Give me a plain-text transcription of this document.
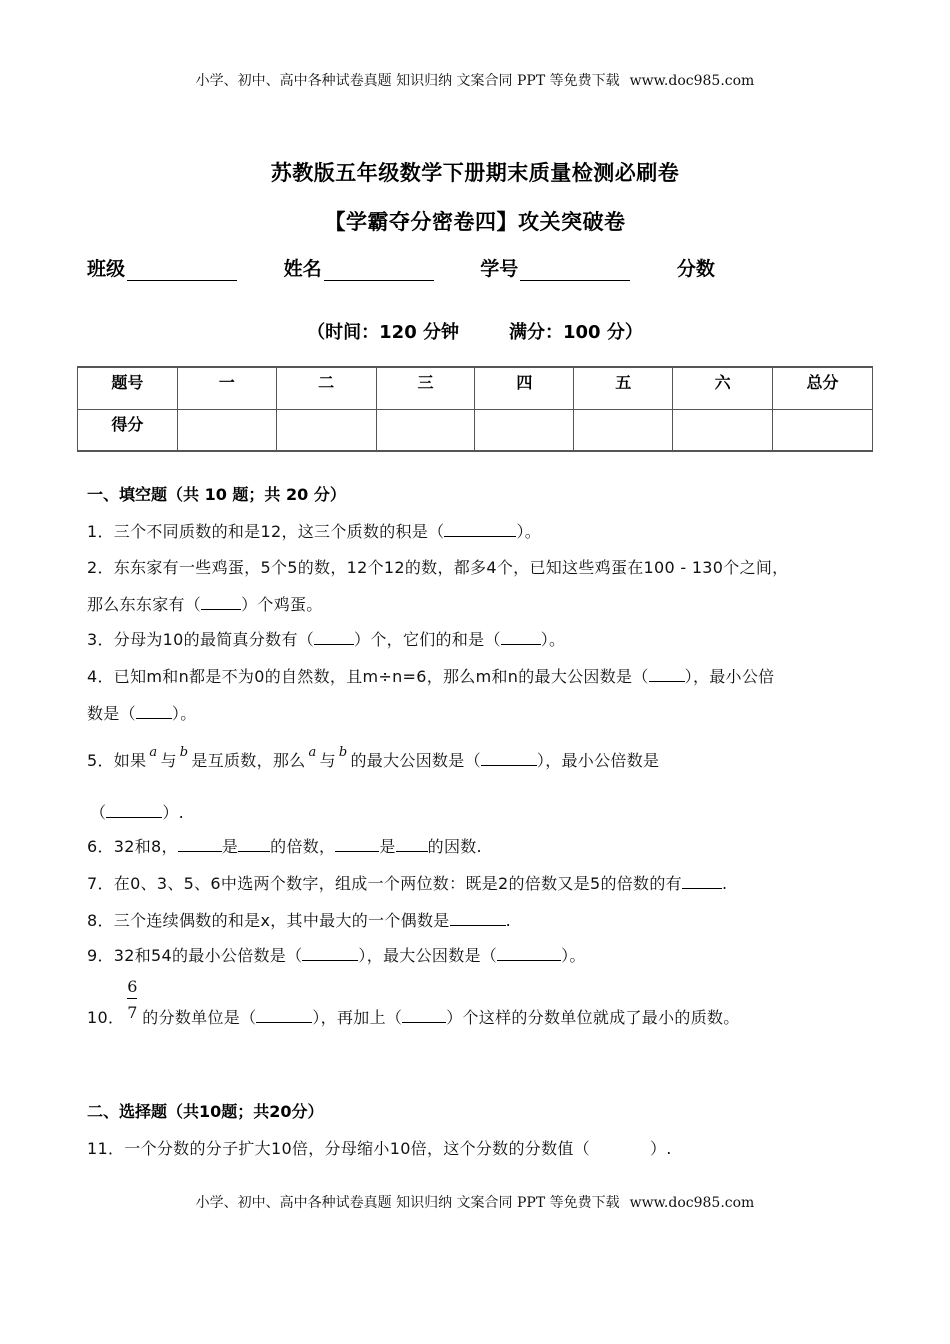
小学、初中、高中各种试卷真题 知识归纳 文案合同 PPT 等免费下载 www.doc985.com
苏教版五年级数学下册期末质量检测必刷卷
【学霸夺分密卷四】攻关突破卷
班级	姓名	学号	分数
（时间：120 分钟	满分：100 分）
题号	一	二	三	四	五	六	总分
得分							
一、填空题（共 10 题；共 20 分）
1．三个不同质数的和是12，这三个质数的积是（	）。
2．东东家有一些鸡蛋，5个5的数，12个12的数，都多4个，已知这些鸡蛋在100 - 130个之间，
那么东东家有（	）个鸡蛋。
3．分母为10的最简真分数有（	）个，它们的和是（	）。
4．已知m和n都是不为0的自然数，且m÷n=6，那么m和n的最大公因数是（ ），最小公倍
数是（ ）。
5．如果 $^a$ 与 $^b$ 是互质数，那么 $^a$ 与 $^b$ 的最大公因数是（	），最小公倍数是
（	）.
6．32和8，	是 的倍数，	是 的因数.
7．在0、3、5、6中选两个数字，组成一个两位数：既是2的倍数又是5的倍数的有	.
8．三个连续偶数的和是x，其中最大的一个偶数是	.
9．32和54的最小公倍数是（	），最大公因数是（	）。
10． $\frac{6}{7}$ 的分数单位是（	），再加上（	）个这样的分数单位就成了最小的质数。
二、选择题（共10题；共20分）
11．一个分数的分子扩大10倍，分母缩小10倍，这个分数的分数值（	）.
小学、初中、高中各种试卷真题 知识归纳 文案合同 PPT 等免费下载 www.doc985.com
